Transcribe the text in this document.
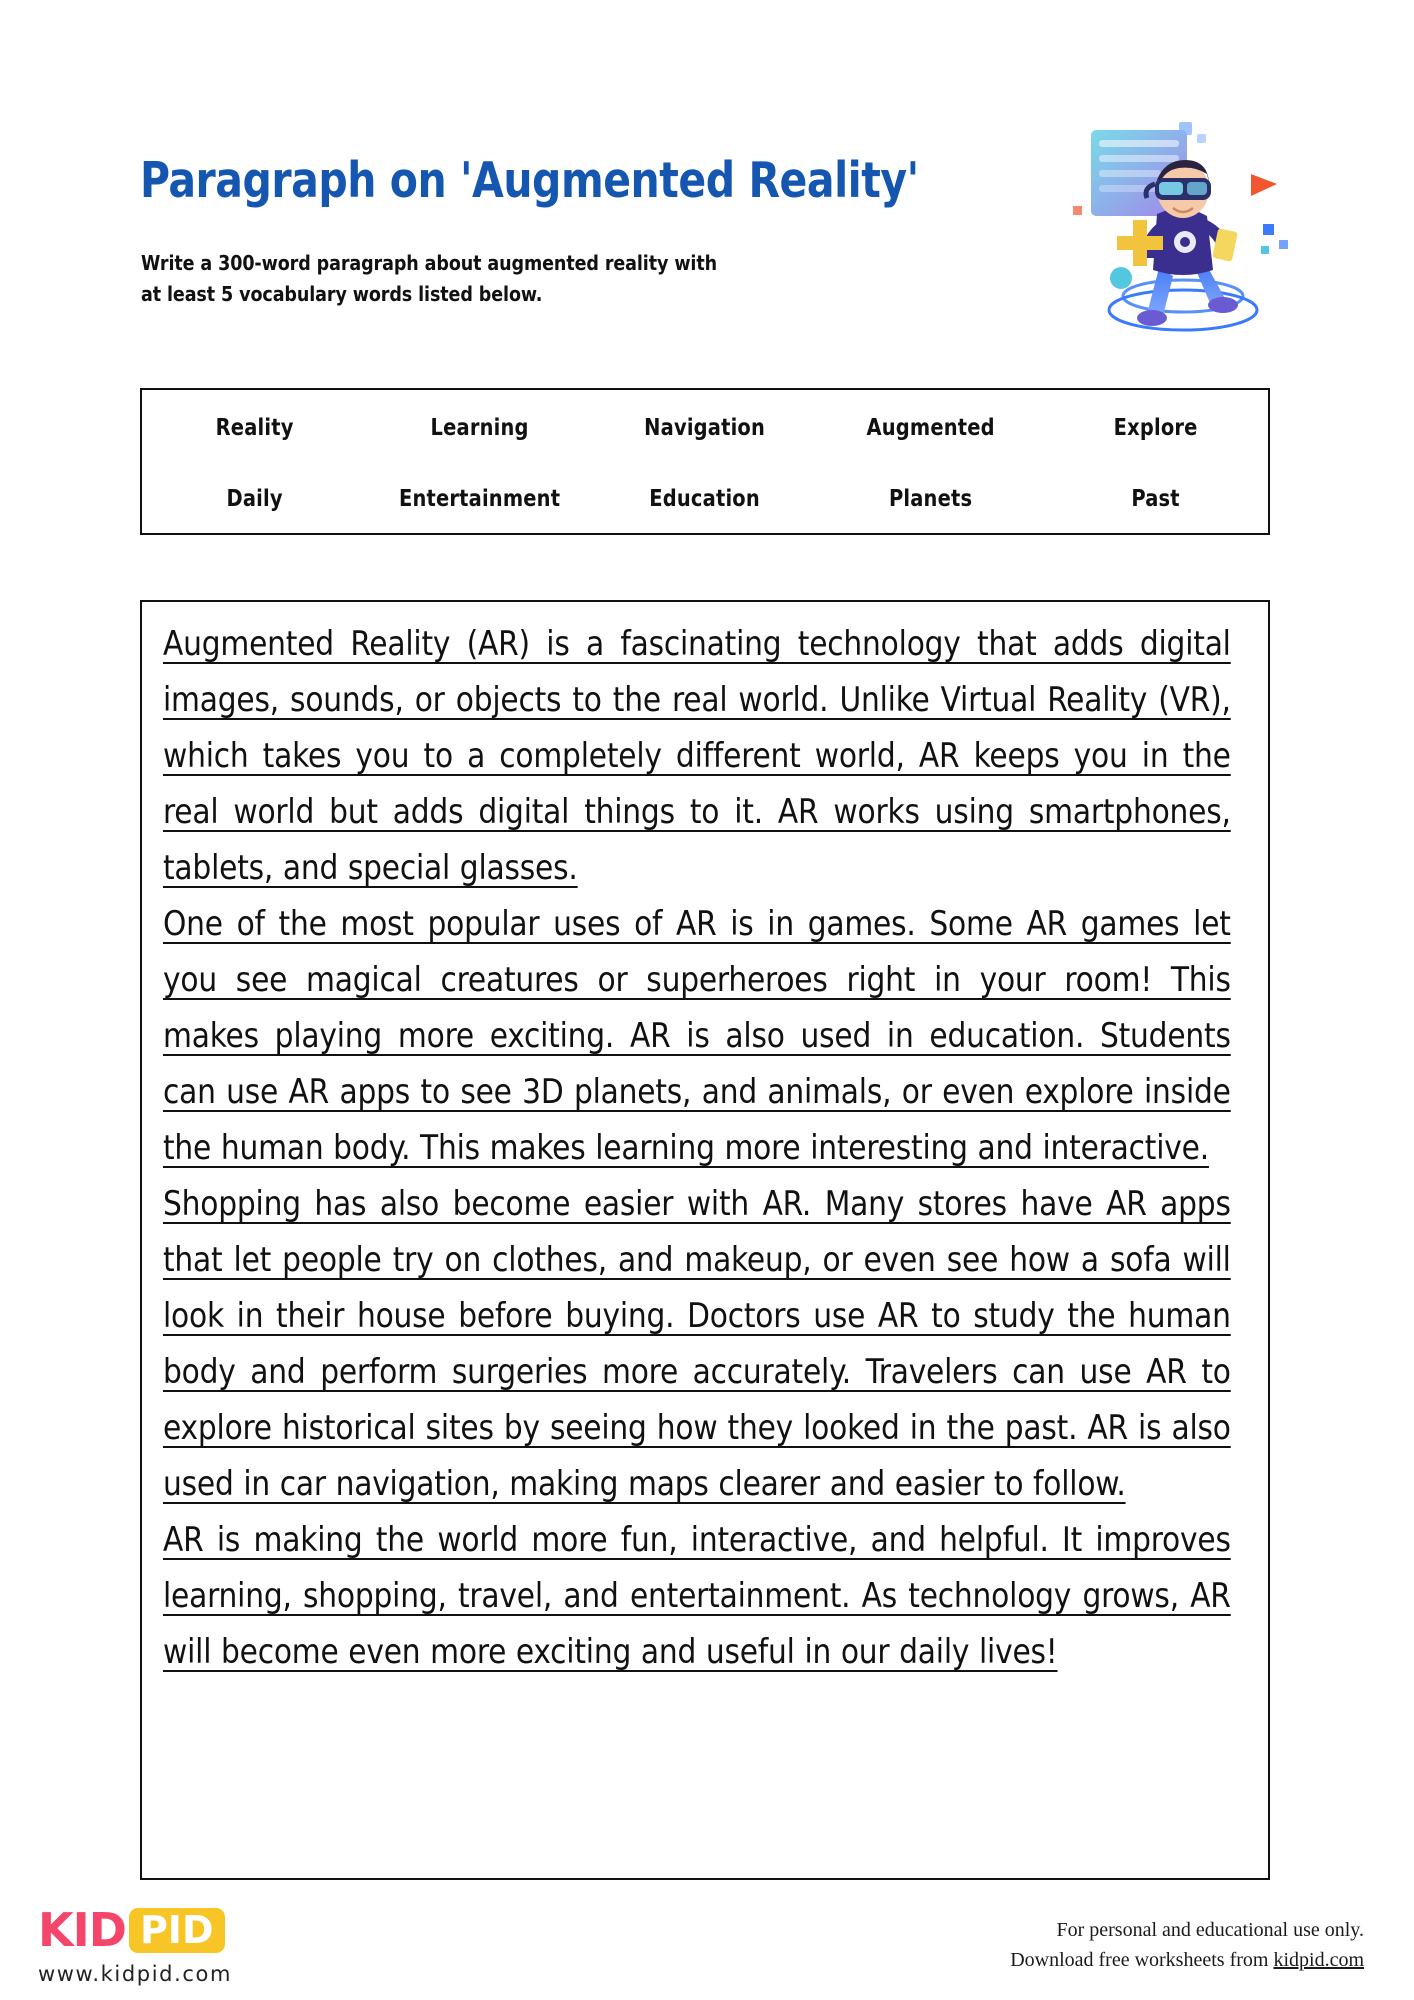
Paragraph on 'Augmented Reality'
Write a 300-word paragraph about augmented reality with
at least 5 vocabulary words listed below.
Reality	Learning	Navigation	Augmented	Explore
Daily	Entertainment	Education	Planets	Past

Augmented Reality (AR) is a fascinating technology that adds digital images, sounds, or objects to the real world. Unlike Virtual Reality (VR), which takes you to a completely different world, AR keeps you in the real world but adds digital things to it. AR works using smartphones, tablets, and special glasses.

One of the most popular uses of AR is in games. Some AR games let you see magical creatures or superheroes right in your room! This makes playing more exciting. AR is also used in education. Students can use AR apps to see 3D planets, and animals, or even explore inside the human body. This makes learning more interesting and interactive.

Shopping has also become easier with AR. Many stores have AR apps that let people try on clothes, and makeup, or even see how a sofa will look in their house before buying. Doctors use AR to study the human body and perform surgeries more accurately. Travelers can use AR to explore historical sites by seeing how they looked in the past. AR is also used in car navigation, making maps clearer and easier to follow.

AR is making the world more fun, interactive, and helpful. It improves learning, shopping, travel, and entertainment. As technology grows, AR will become even more exciting and useful in our daily lives!

KID PID
www.kidpid.com
For personal and educational use only.
Download free worksheets from kidpid.com
